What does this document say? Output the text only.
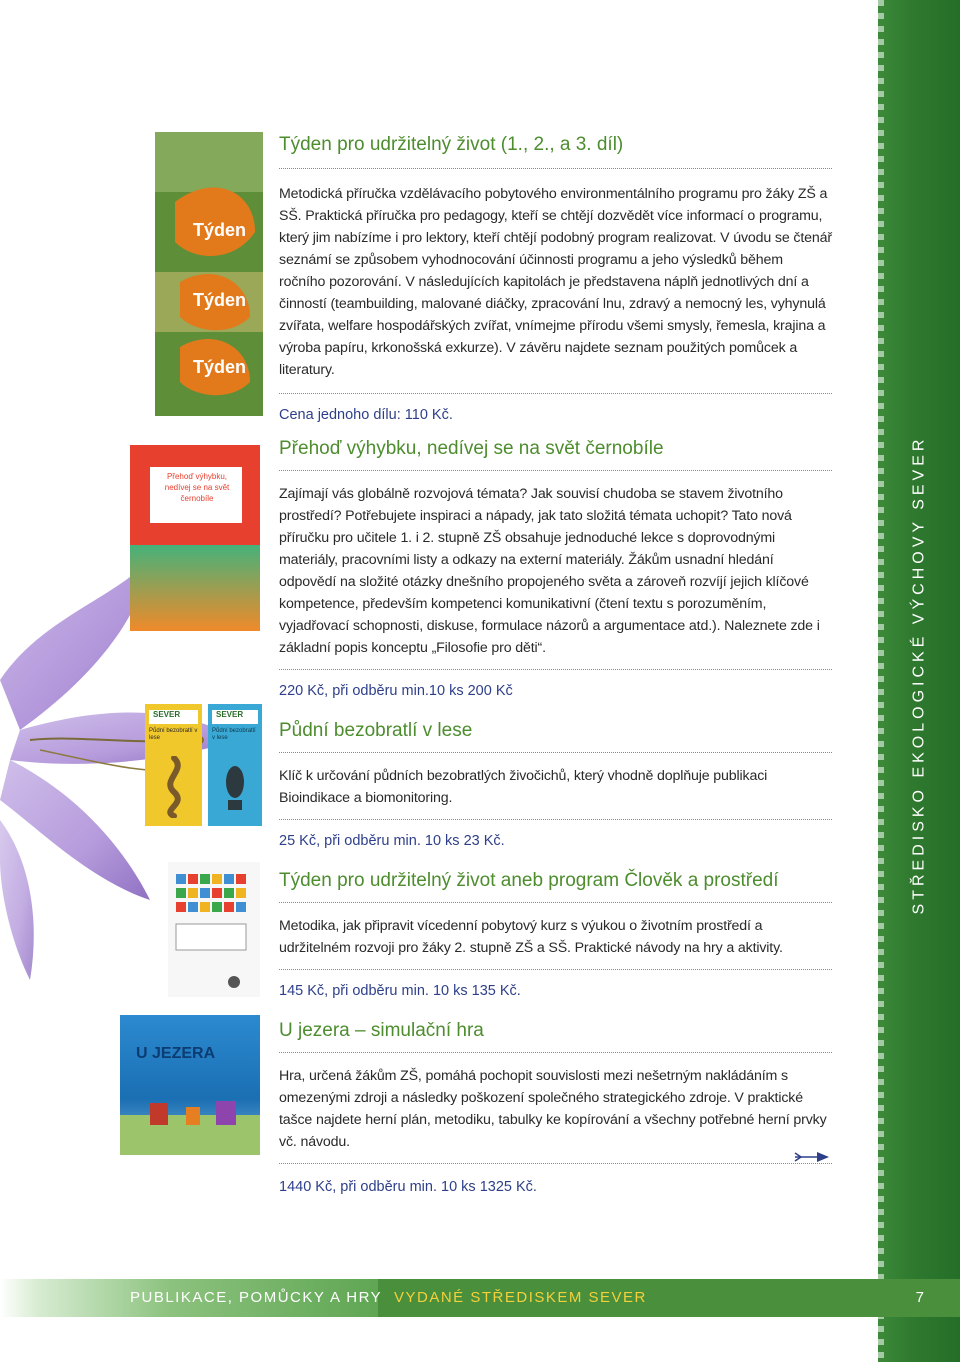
STŘEDISKO EKOLOGICKÉ VÝCHOVY SEVER
Týden
Týden
Týden
Přehoď výhybku, nedívej se na svět černobíle
SEVER
Půdní bezobratlí v lese
SEVER
Půdní bezobratlí v lese
U JEZERA
Týden pro udržitelný život (1., 2., a 3. díl)

Metodická příručka vzdělávacího pobytového environmentálního programu pro žáky ZŠ a SŠ. Praktická příručka pro pedagogy, kteří se chtějí dozvědět více informací o programu, který jim nabízíme i pro lektory, kteří chtějí podobný program realizovat. V úvodu se čtenář seznámí se způsobem vyhodnocování účinnosti programu a jeho výsledků během ročního pozorování. V následujících kapitolách je představena náplň jednotlivých dní a činností (teambuilding, malované diáčky, zpracování lnu, zdravý a nemocný les, vyhynulá zvířata, welfare hospodářských zvířat, vnímejme přírodu všemi smysly, řemesla, krajina a výroba papíru, krkonošská exkurze). V závěru najdete seznam použitých pomůcek a literatury.

Cena jednoho dílu: 110 Kč.

Přehoď výhybku, nedívej se na svět černobíle

Zajímají vás globálně rozvojová témata? Jak souvisí chudoba se stavem životního prostředí? Potřebujete inspiraci a nápady, jak tato složitá témata uchopit? Tato nová příručku pro učitele 1. i 2. stupně ZŠ obsahuje jednoduché lekce s doprovodnými materiály, pracovními listy a odkazy na externí materiály. Žákům usnadní hledání odpovědí na složité otázky dnešního propojeného světa a zároveň rozvíjí jejich klíčové kompetence, především kompetenci komunikativní (čtení textu s porozuměním, vyjadřovací schopnosti, diskuse, formulace názorů a argumentace atd.). Naleznete zde i základní popis konceptu „Filosofie pro děti“.

220 Kč, při odběru min.10 ks 200 Kč

Půdní bezobratlí v lese

Klíč k určování půdních bezobratlých živočichů, který vhodně doplňuje publikaci Bioindikace a biomonitoring.

25 Kč, při odběru min. 10 ks 23 Kč.

Týden pro udržitelný život aneb program Člověk a prostředí

Metodika, jak připravit vícedenní pobytový kurz s výukou o životním prostředí a udržitelném rozvoji pro žáky 2. stupně ZŠ a SŠ. Praktické návody na hry a aktivity.

145 Kč, při odběru min. 10 ks 135 Kč.

U jezera – simulační hra

Hra, určená žákům ZŠ, pomáhá pochopit souvislosti mezi nešetrným nakládáním s omezenými zdroji a následky poškození společného strategického zdroje. V praktické tašce najdete herní plán, metodiku, tabulky ke kopírování a všechny potřebné herní prvky vč. návodu.

1440 Kč, při odběru min. 10 ks 1325 Kč.

PUBLIKACE, POMŮCKY A HRY VYDANÉ STŘEDISKEM SEVER	7
